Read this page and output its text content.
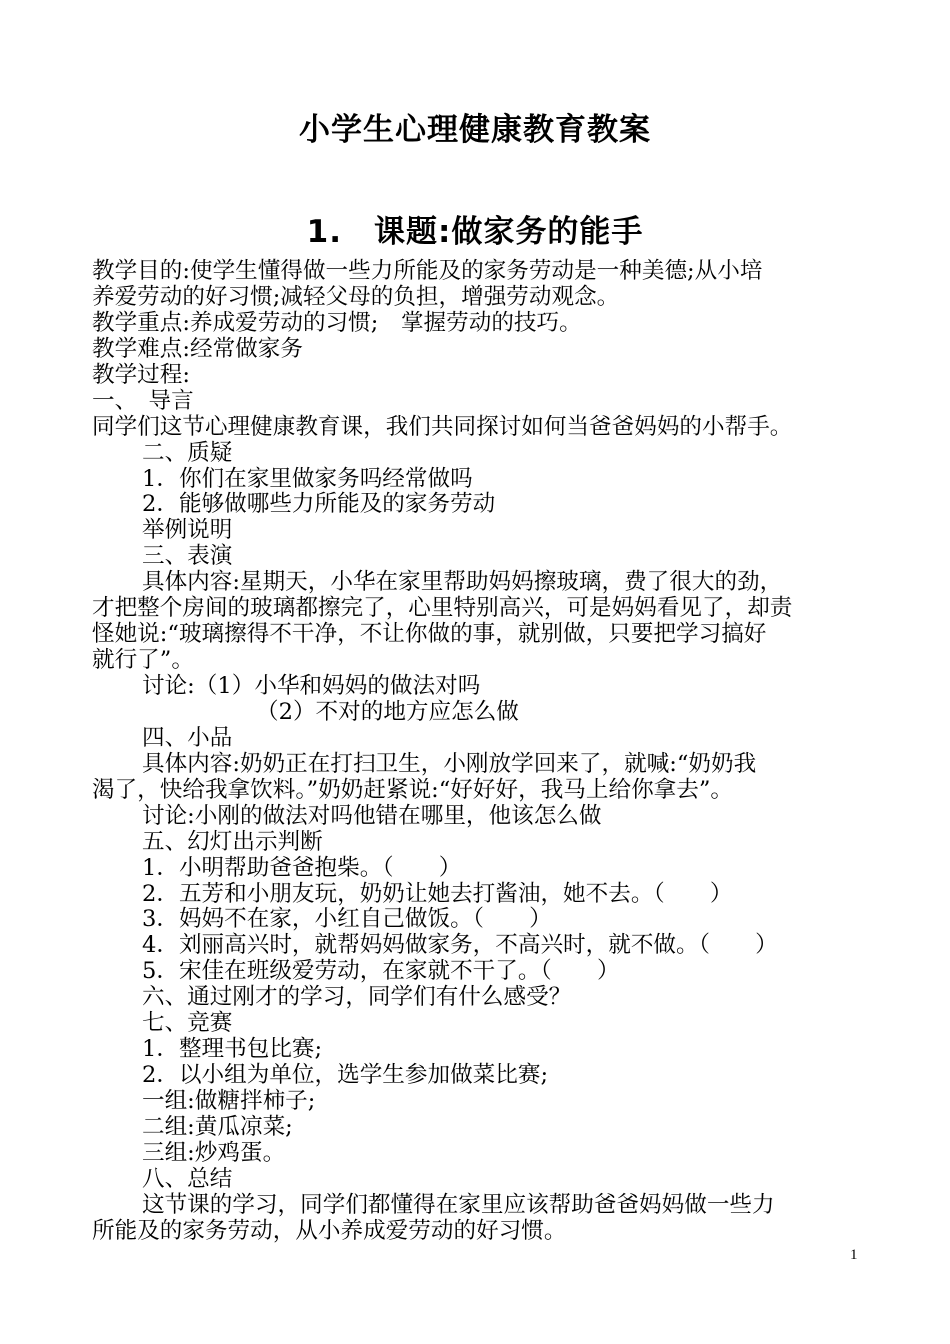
小学生心理健康教育教案
1.　课题:做家务的能手
教学目的:使学生懂得做一些力所能及的家务劳动是一种美德;从小培
养爱劳动的好习惯;减轻父母的负担，增强劳动观念。
教学重点:养成爱劳动的习惯;　掌握劳动的技巧。
教学难点:经常做家务
教学过程:
一、　导言
同学们这节心理健康教育课，我们共同探讨如何当爸爸妈妈的小帮手。
二、质疑
1．你们在家里做家务吗经常做吗
2．能够做哪些力所能及的家务劳动
举例说明
三、表演
具体内容:星期天，小华在家里帮助妈妈擦玻璃，费了很大的劲，
才把整个房间的玻璃都擦完了，心里特别高兴，可是妈妈看见了，却责
怪她说:“玻璃擦得不干净，不让你做的事，就别做，只要把学习搞好
就行了”。
讨论:（1）小华和妈妈的做法对吗
（2）不对的地方应怎么做
四、小品
具体内容:奶奶正在打扫卫生，小刚放学回来了，就喊:“奶奶我
渴了，快给我拿饮料。”奶奶赶紧说:“好好好，我马上给你拿去”。
讨论:小刚的做法对吗他错在哪里，他该怎么做
五、幻灯出示判断
1．小明帮助爸爸抱柴。（　　）
2．五芳和小朋友玩，奶奶让她去打酱油，她不去。（　　）
3．妈妈不在家，小红自己做饭。（　　）
4．刘丽高兴时，就帮妈妈做家务，不高兴时，就不做。（　　）
5．宋佳在班级爱劳动，在家就不干了。（　　）
六、通过刚才的学习，同学们有什么感受？
七、竞赛
1．整理书包比赛;
2．以小组为单位，选学生参加做菜比赛;
一组:做糖拌柿子;
二组:黄瓜凉菜;
三组:炒鸡蛋。
八、总结
这节课的学习，同学们都懂得在家里应该帮助爸爸妈妈做一些力
所能及的家务劳动，从小养成爱劳动的好习惯。
1
